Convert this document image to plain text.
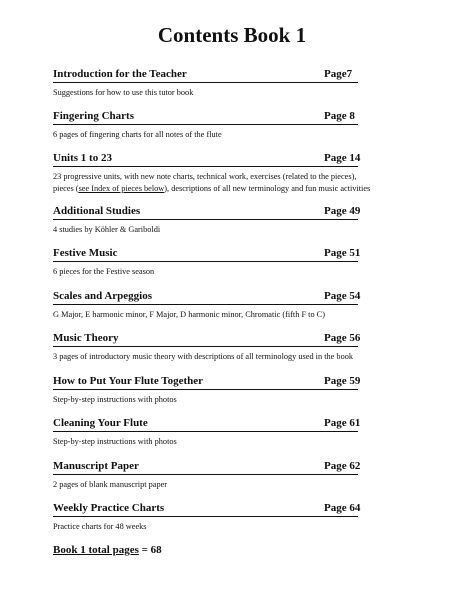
Contents Book 1
Introduction for the Teacher	Page7
Suggestions for how to use this tutor book
Fingering Charts	Page 8
6 pages of fingering charts for all notes of the flute
Units 1 to 23	Page 14
23 progressive units, with new note charts, technical work, exercises (related to the pieces),
pieces (see Index of pieces below), descriptions of all new terminology and fun music activities
Additional Studies	Page 49
4 studies by Köhler & Gariboldi
Festive Music	Page 51
6 pieces for the Festive season
Scales and Arpeggios	Page 54
G Major, E harmonic minor, F Major, D harmonic minor, Chromatic (fifth F to C)
Music Theory	Page 56
3 pages of introductory music theory with descriptions of all terminology used in the book
How to Put Your Flute Together	Page 59
Step-by-step instructions with photos
Cleaning Your Flute	Page 61
Step-by-step instructions with photos
Manuscript Paper	Page 62
2 pages of blank manuscript paper
Weekly Practice Charts	Page 64
Practice charts for 48 weeks
Book 1 total pages = 68
